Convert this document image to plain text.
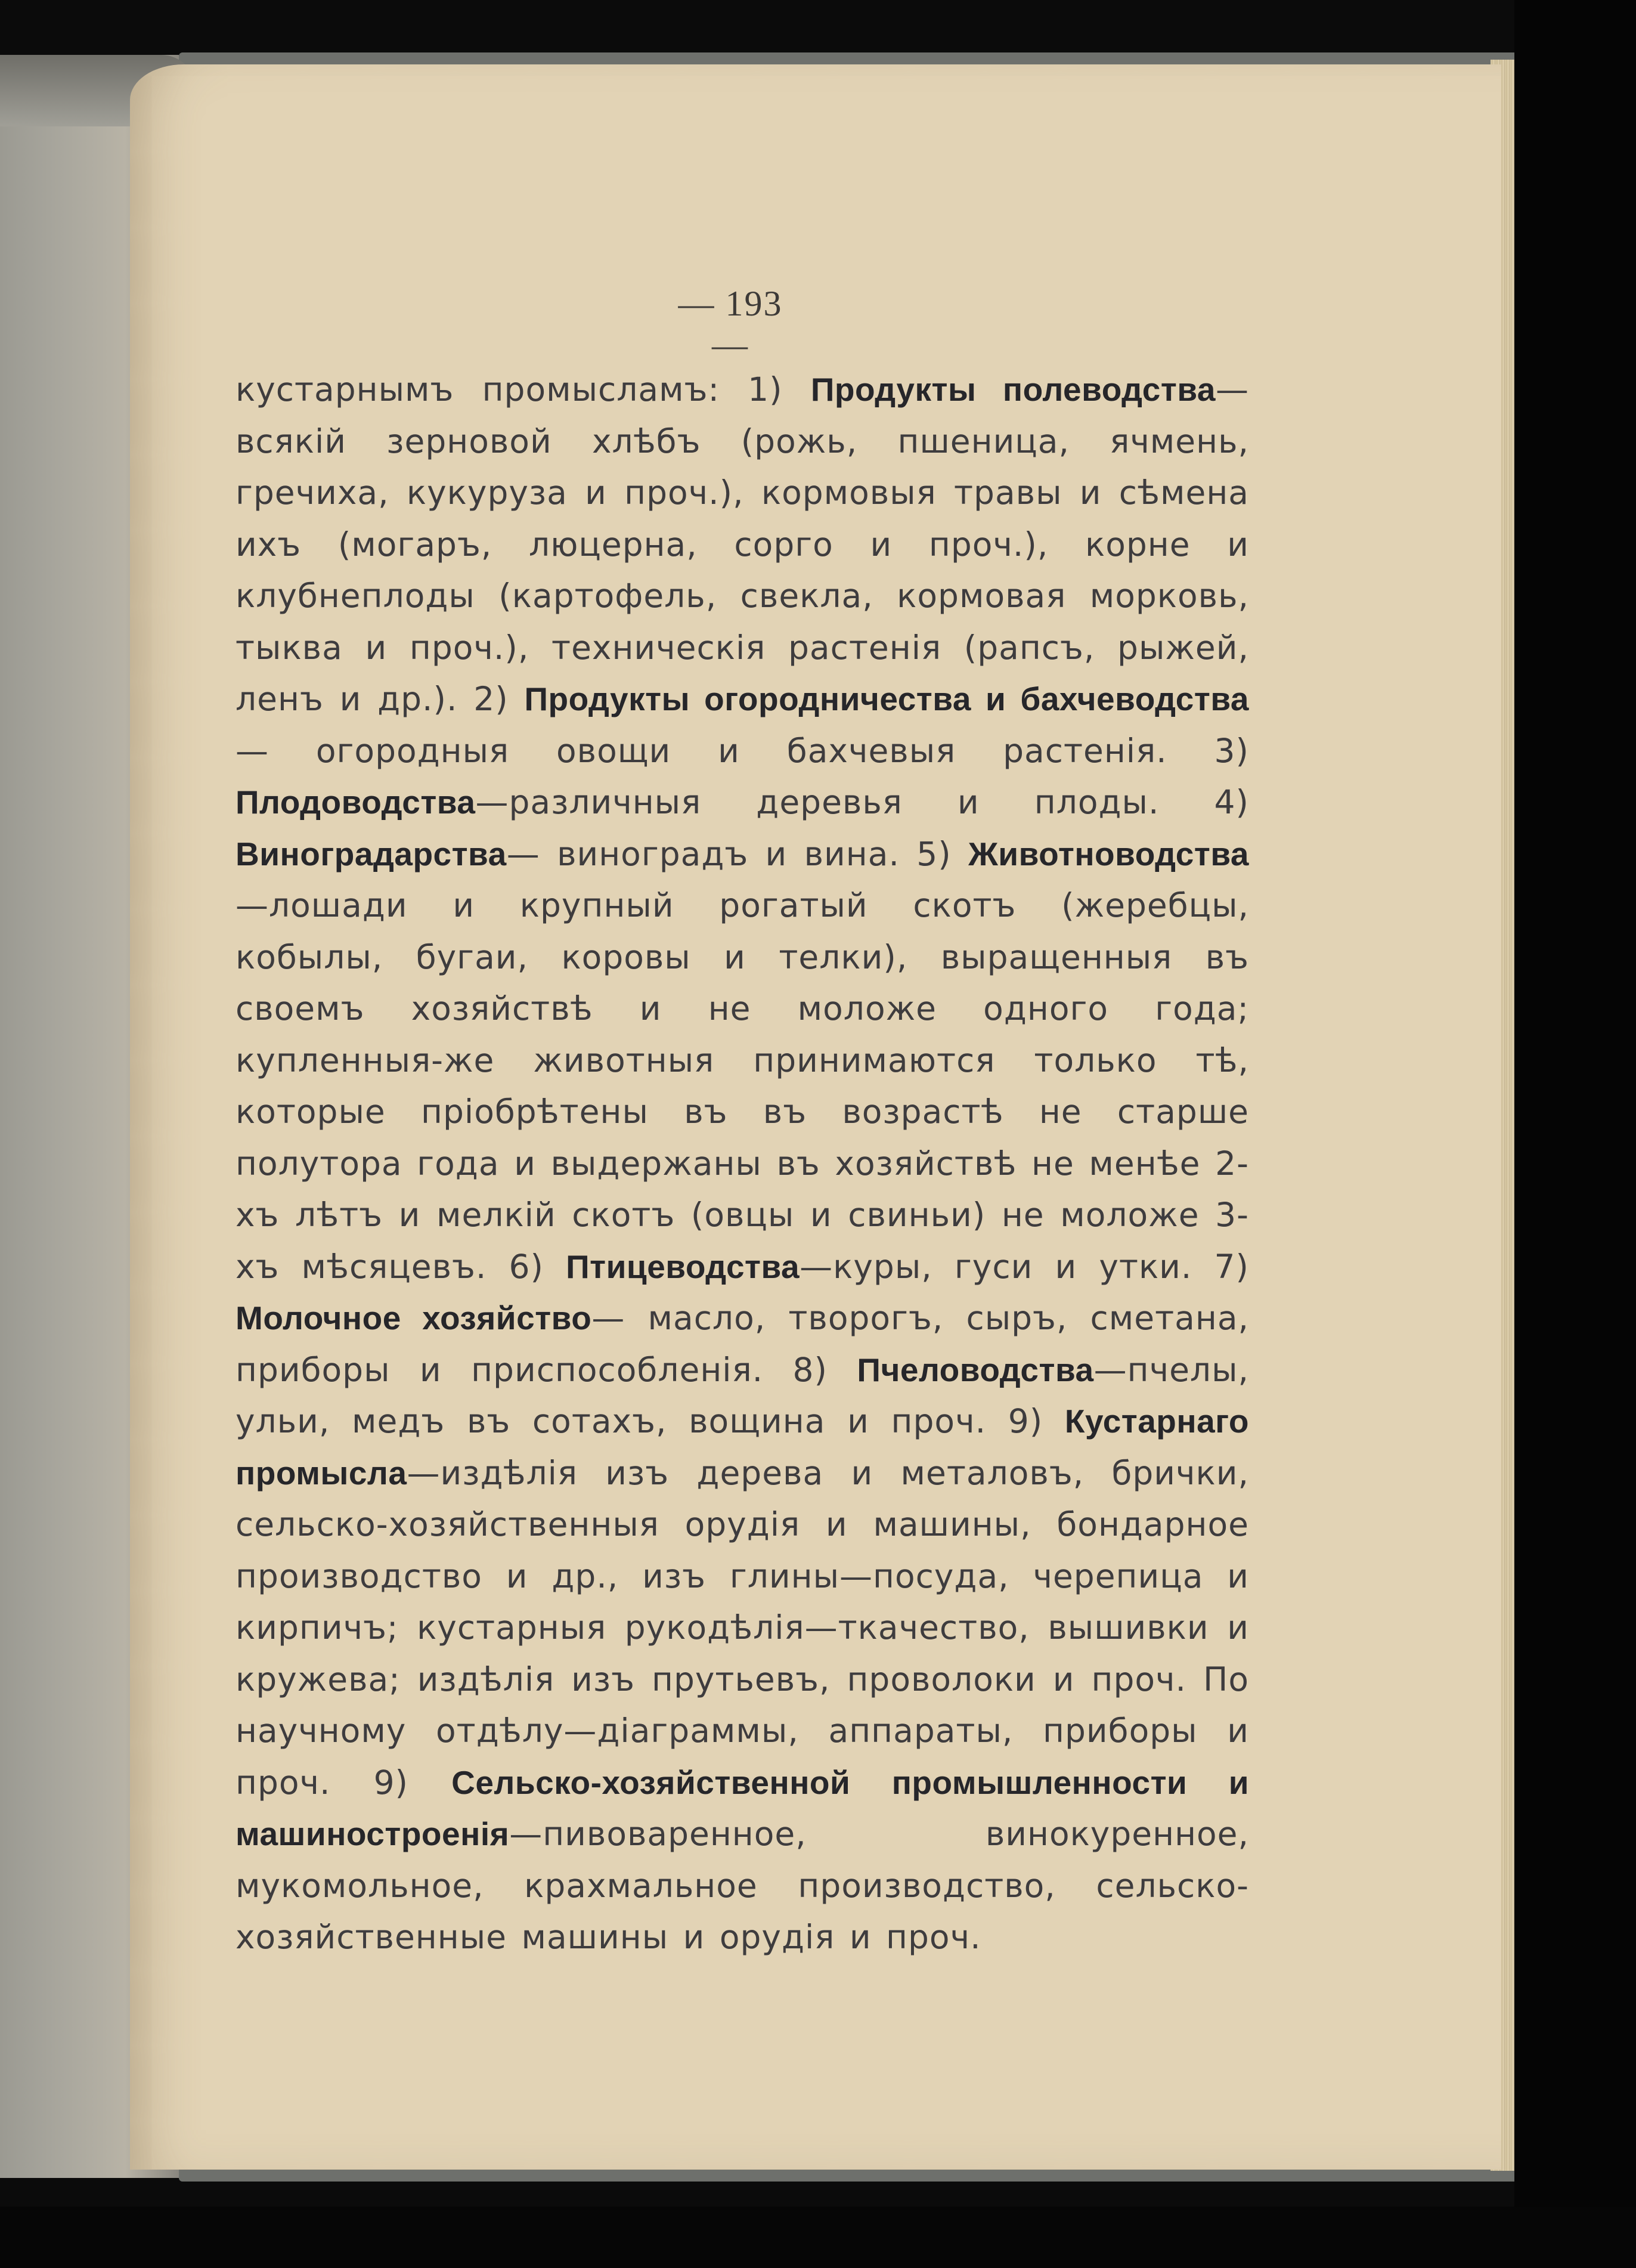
— 193 —

кустарнымъ промысламъ: 1) Продукты полеводства— всякій зерновой хлѣбъ (рожь, пшеница, ячмень, гречиха, кукуруза и проч.), кормовыя травы и сѣмена ихъ (могаръ, люцерна, сорго и проч.), корне и клубнеплоды (картофель, свекла, кормовая морковь, тыква и проч.), техническія растенія (рапсъ, рыжей, ленъ и др.). 2) Продукты огородничества и бахчеводства— огородныя овощи и бахчевыя растенія. 3) Плодоводства—различныя деревья и плоды. 4) Виноградарства— виноградъ и вина. 5) Животноводства—лошади и крупный рогатый скотъ (жеребцы, кобылы, бугаи, коровы и телки), выращенныя въ своемъ хозяйствѣ и не моложе одного года; купленныя-же животныя принимаются только тѣ, которые пріобрѣтены въ въ возрастѣ не старше полутора года и выдержаны въ хозяйствѣ не менѣе 2-хъ лѣтъ и мелкій скотъ (овцы и свиньи) не моложе 3-хъ мѣсяцевъ. 6) Птицеводства—куры, гуси и утки. 7) Молочное хозяйство— масло, творогъ, сыръ, сметана, приборы и приспособленія. 8) Пчеловодства—пчелы, ульи, медъ въ сотахъ, вощина и проч. 9) Кустарнаго промысла—издѣлія изъ дерева и металовъ, брички, сельско-хозяйственныя орудія и машины, бондарное производство и др., изъ глины—посуда, черепица и кирпичъ; кустарныя рукодѣлія—ткачество, вышивки и кружева; издѣлія изъ прутьевъ, проволоки и проч. По научному отдѣлу—діаграммы, аппараты, приборы и проч. 9) Сельско-хозяйственной промышленности и машиностроенія—пивоваренное, винокуренное, мукомольное, крахмальное производство, сельско-хозяйственные машины и орудія и проч.
